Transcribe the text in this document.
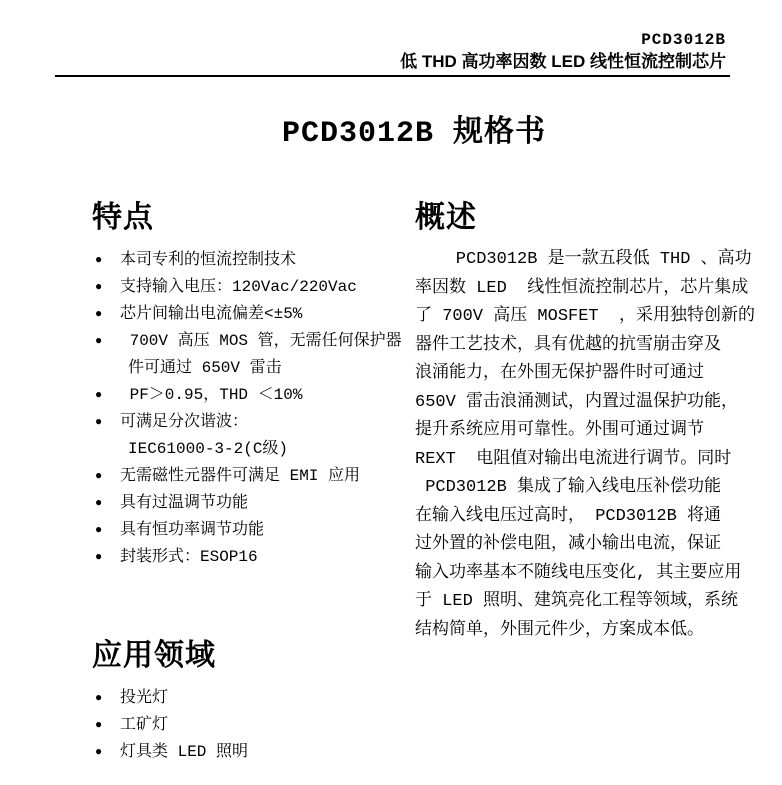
PCD3012B
低 THD 高功率因数 LED 线性恒流控制芯片
PCD3012B 规格书
特点
● 本司专利的恒流控制技术
● 支持输入电压：120Vac/220Vac
● 芯片间输出电流偏差<±5%
● 700V 高压 MOS 管，无需任何保护器
件可通过 650V 雷击
● PF＞0.95，THD ＜10%
● 可满足分次谐波：
IEC61000-3-2(C级)
● 无需磁性元器件可满足 EMI 应用
● 具有过温调节功能
● 具有恒功率调节功能
● 封装形式：ESOP16
概述
PCD3012B 是一款五段低 THD 、高功
率因数 LED  线性恒流控制芯片，芯片集成
了 700V 高压 MOSFET  ，采用独特创新的
器件工艺技术，具有优越的抗雪崩击穿及
浪涌能力，在外围无保护器件时可通过
650V 雷击浪涌测试，内置过温保护功能，
提升系统应用可靠性。外围可通过调节
REXT  电阻值对输出电流进行调节。同时
PCD3012B 集成了输入线电压补偿功能
在输入线电压过高时， PCD3012B 将通
过外置的补偿电阻，减小输出电流，保证
输入功率基本不随线电压变化, 其主要应用
于 LED 照明、建筑亮化工程等领域，系统
结构简单，外围元件少，方案成本低。
应用领域
● 投光灯
● 工矿灯
● 灯具类 LED 照明
